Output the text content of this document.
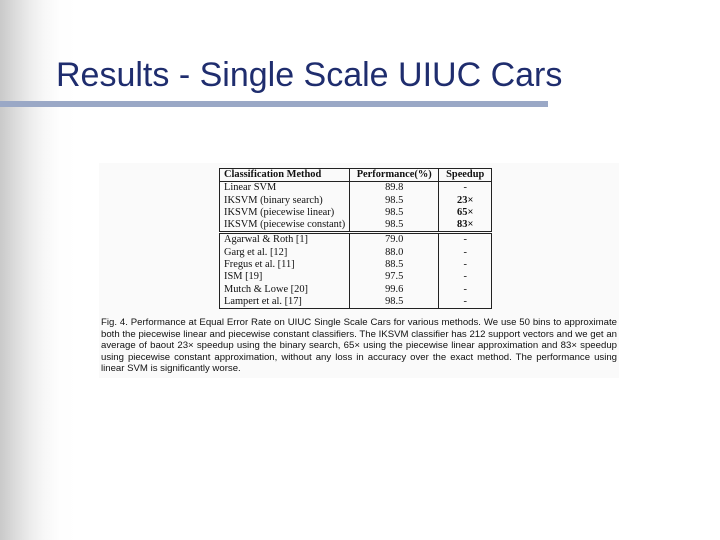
Results - Single Scale UIUC Cars
Classification Method	Performance(%)	Speedup
Linear SVM	89.8	-
IKSVM (binary search)	98.5	23×
IKSVM (piecewise linear)	98.5	65×
IKSVM (piecewise constant)	98.5	83×
Agarwal & Roth [1]	79.0	-
Garg et al. [12]	88.0	-
Fregus et al. [11]	88.5	-
ISM [19]	97.5	-
Mutch & Lowe [20]	99.6	-
Lampert et al. [17]	98.5	-
Fig. 4. Performance at Equal Error Rate on UIUC Single Scale Cars for various methods. We use 50 bins to approximate both the piecewise linear and piecewise constant classifiers. The IKSVM classifier has 212 support vectors and we get an average of baout 23× speedup using the binary search, 65× using the piecewise linear approximation and 83× speedup using piecewise constant approximation, without any loss in accuracy over the exact method. The performance using linear SVM is significantly worse.
